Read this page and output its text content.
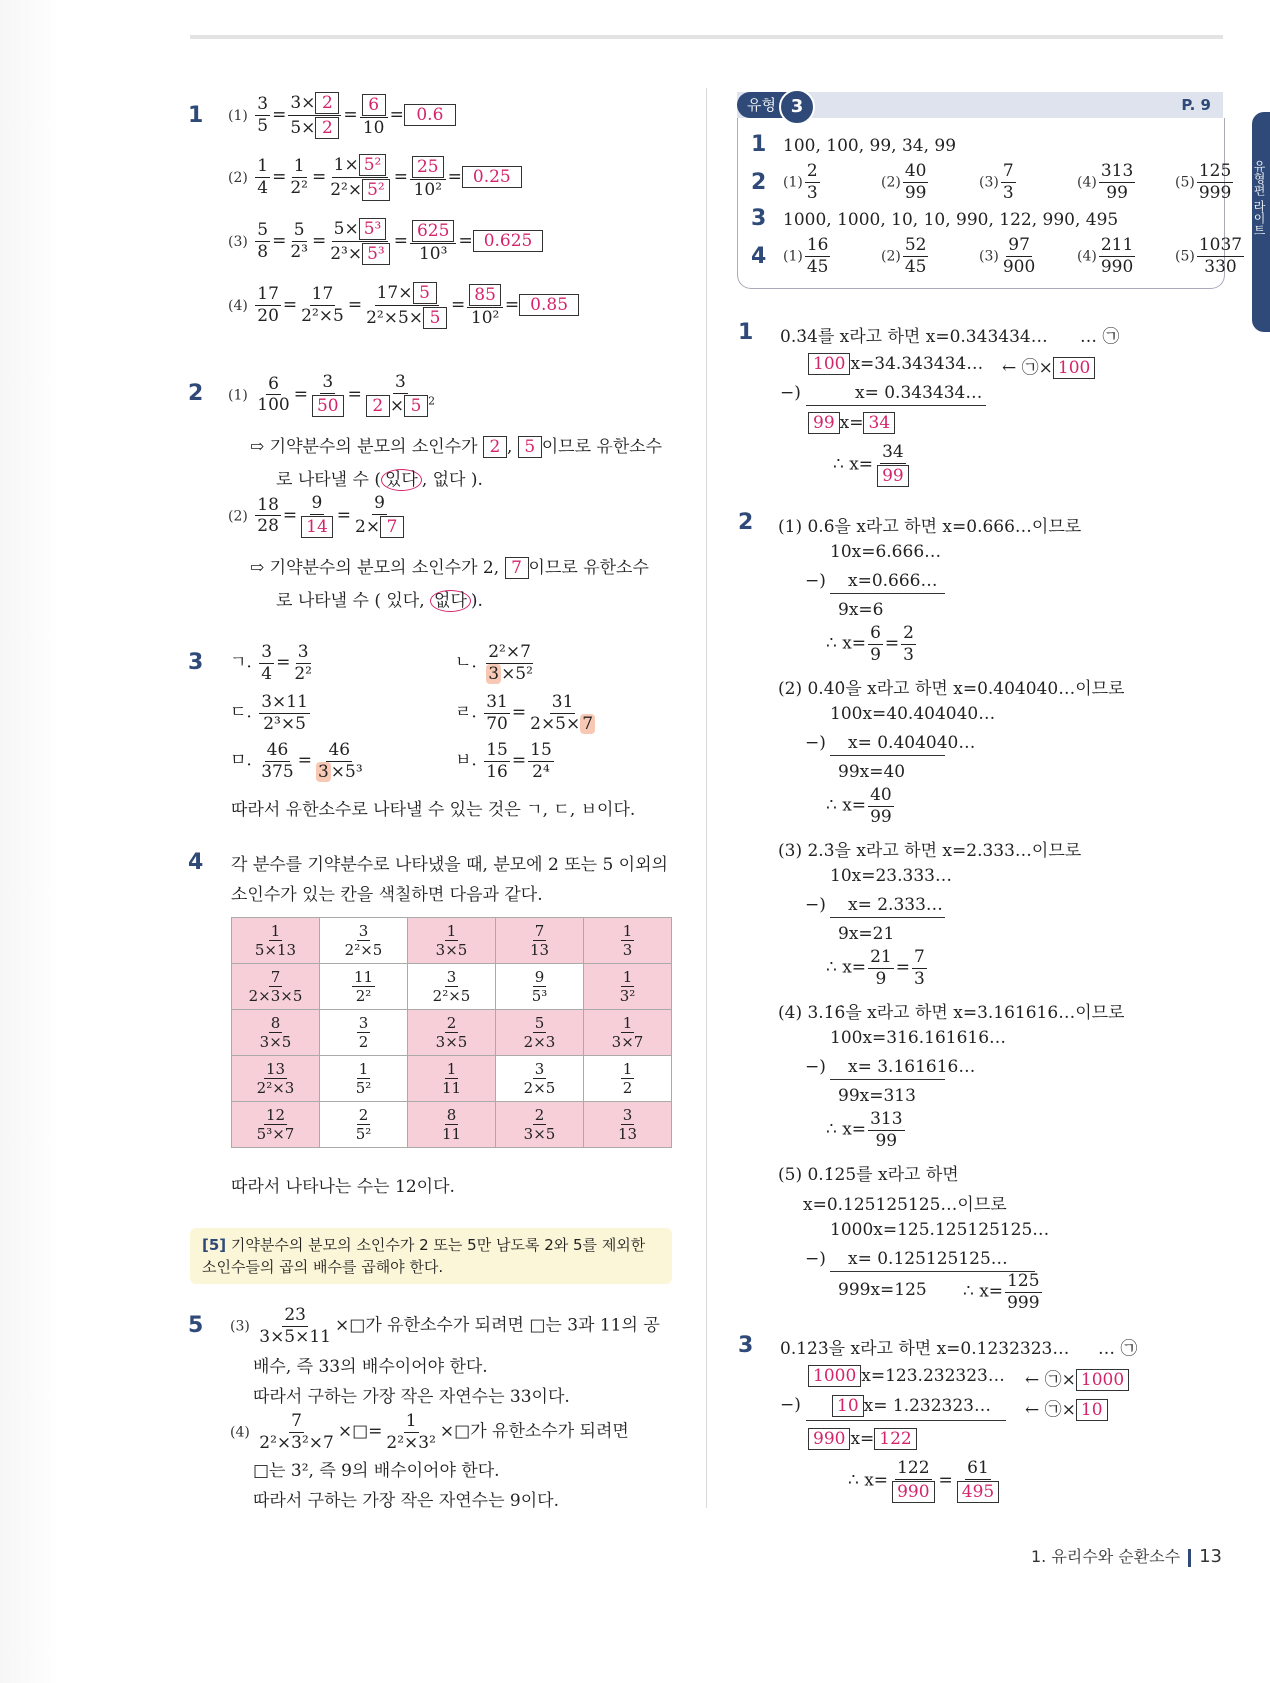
1 $(1) \frac{3}{5} = \frac{3\times 2}{5\times 2} = \frac{6}{10} = 0.6$
$(2) \frac{1}{4} = \frac{1}{\text{2²}} = \frac{\text{1× 5²}}{\text{2²× 5²}} = \frac{25}{\text{10²}} = 0.25$
$(3) \frac{5}{8} = \frac{5}{\text{2³}} = \frac{\text{5× 5³}}{\text{2³× 5³}} = \frac{625}{\text{10³}} = 0.625$
$(4) \frac{17}{20} = \frac{17}{\text{2²×5}} = \frac{17\times 5}{\text{2²×5× 5}} = \frac{85}{\text{10²}} = 0.85$
2 $(1) \frac{6}{100} = \frac{3}{50} = \frac{3}{2 \times 5 ^2}$
⇨ 기약분수의 분모의 소인수가 2 , 5 이므로 유한소수
로 나타낼 수 ( 있다 , 없다 ).
$(2) \frac{18}{28} = \frac{9}{14} = \frac{9}{2\times 7}$
⇨ 기약분수의 분모의 소인수가 2, 7 이므로 유한소수
로 나타낼 수 ( 있다, 없다 ).
3 ㄱ. $\frac{3}{4} = \frac{3}{\text{2²}}$	ㄴ. $\frac{\text{2²×7}}{\text{3 ×5²}}$
ㄷ. $\frac{3\times 11}{\text{2³×5}}$	ㄹ. $\frac{31}{70} = \frac{31}{2\times 5\times 7}$
ㅁ. $\frac{46}{375} = \frac{46}{\text{3 ×5³}}$	ㅂ. $\frac{15}{16} = \frac{15}{\text{2⁴}}$
따라서 유한소수로 나타낼 수 있는 것은 ㄱ, ㄷ, ㅂ이다.
4 각 분수를 기약분수로 나타냈을 때, 분모에 2 또는 5 이외의
소인수가 있는 칸을 색칠하면 다음과 같다.
$\frac{1}{5\times 13}$	$\frac{3}{\text{2²×5}}$	$\frac{1}{3\times 5}$	$\frac{7}{13}$	$\frac{1}{3}$

$\frac{7}{2\times 3\times 5}$	$\frac{11}{\text{2²}}$	$\frac{3}{\text{2²×5}}$	$\frac{9}{\text{5³}}$	$\frac{1}{\text{3²}}$

$\frac{8}{3\times 5}$	$\frac{3}{2}$	$\frac{2}{3\times 5}$	$\frac{5}{2\times 3}$	$\frac{1}{3\times 7}$

$\frac{13}{\text{2²×3}}$	$\frac{1}{\text{5²}}$	$\frac{1}{11}$	$\frac{3}{2\times 5}$	$\frac{1}{2}$

$\frac{12}{\text{5³×7}}$	$\frac{2}{\text{5²}}$	$\frac{8}{11}$	$\frac{2}{3\times 5}$	$\frac{3}{13}$
따라서 나타나는 수는 12이다.
[5] 기약분수의 분모의 소인수가 2 또는 5만 남도록 2와 5를 제외한
소인수들의 곱의 배수를 곱해야 한다.
5 $(3) \frac{23}{3\times 5\times 11}$ ×□가 유한소수가 되려면 □는 3과 11의 공
배수, 즉 33의 배수이어야 한다.
따라서 구하는 가장 작은 자연수는 33이다.
$(4) \frac{7}{\text{2²×3²×7}}$ ×□= $\frac{1}{\text{2²×3²}}$ ×□가 유한소수가 되려면
□는 3², 즉 9의 배수이어야 한다.
따라서 구하는 가장 작은 자연수는 9이다.
유형 3	P. 9
1 100, 100, 99, 34, 99
2 $(1) \frac{2}{3}$	$(2) \frac{40}{99}$	$(3) \frac{7}{3}$	$(4) \frac{313}{99}$	$(5) \frac{125}{999}$
3 1000, 1000, 10, 10, 990, 122, 990, 495
4 $(1) \frac{16}{45}$	$(2) \frac{52}{45}$	$(3) \frac{97}{900}$	$(4) \frac{211}{990}$	$(5) \frac{1037}{330}$
유형편 라이트
1 0.3̇4̇를 x라고 하면 x=0.343434… … ㉠
100 x=34.343434… ← ㉠× 100
−)	x= 0.343434…
99 x= 34
∴ $x= \frac{34}{99}$
2 (1) 0.6̇을 x라고 하면 x=0.666…이므로
10x=6.666…
−) x=0.666…
9x=6
∴ $x= \frac{6}{9} = \frac{2}{3}$
(2) 0.4̇0̇을 x라고 하면 x=0.404040…이므로
100x=40.404040…
−) x= 0.404040…
99x=40
∴ $x= \frac{40}{99}$
(3) 2.3̇을 x라고 하면 x=2.333…이므로
10x=23.333…
−) x= 2.333…
9x=21
∴ $x= \frac{21}{9} = \frac{7}{3}$
(4) 3.1̇6̇을 x라고 하면 x=3.161616…이므로
100x=316.161616…
−) x= 3.161616…
99x=313
∴ $x= \frac{313}{99}$
(5) 0.1̇25̇를 x라고 하면
x=0.125125125…이므로
1000x=125.125125125…
−) x= 0.125125125…
999x=125 ∴ $x= \frac{125}{999}$
3 0.12̇3̇을 x라고 하면 x=0.1232323… … ㉠
1000 x=123.232323… ← ㉠× 1000
−) 10 x= 1.232323… ← ㉠× 10
990 x= 122
∴ $x= \frac{122}{990} = \frac{61}{495}$
1. 유리수와 순환소수 13
